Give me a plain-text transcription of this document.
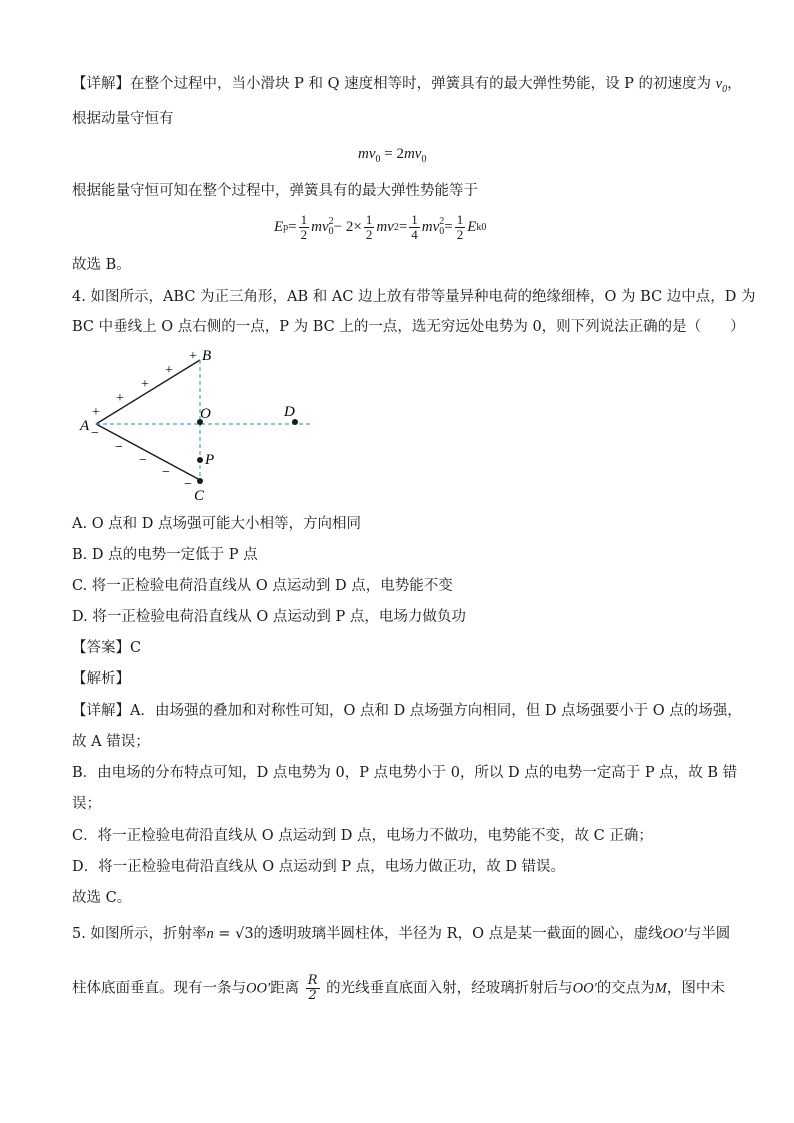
【详解】在整个过程中，当小滑块 P 和 Q 速度相等时，弹簧具有的最大弹性势能，设 P 的初速度为 $v_0$，
根据动量守恒有
$mv_0 = 2mv_0$
根据能量守恒可知在整个过程中，弹簧具有的最大弹性势能等于
E $p = \frac{1}{2}$ mv 2
$0 - 2\times \frac{1}{2}$ mv $2 = \frac{1}{4}$ mv 2
$0 = \frac{1}{2}$ E k0
故选 B。
4. 如图所示，ABC 为正三角形，AB 和 AC 边上放有带等量异种电荷的绝缘细棒，O 为 BC 边中点，D 为
BC 中垂线上 O 点右侧的一点，P 为 BC 上的一点，选无穷远处电势为 0，则下列说法正确的是（　　）
+
+
+
+
+
−
−
−
−
−
A
B
C
O	D
P
A. O 点和 D 点场强可能大小相等，方向相同
B. D 点的电势一定低于 P 点
C. 将一正检验电荷沿直线从 O 点运动到 D 点，电势能不变
D. 将一正检验电荷沿直线从 O 点运动到 P 点，电场力做负功
【答案】C
【解析】
【详解】A．由场强的叠加和对称性可知，O 点和 D 点场强方向相同，但 D 点场强要小于 O 点的场强，
故 A 错误；
B．由电场的分布特点可知，D 点电势为 0，P 点电势小于 0，所以 D 点的电势一定高于 P 点，故 B 错
误；
C．将一正检验电荷沿直线从 O 点运动到 D 点，电场力不做功，电势能不变，故 C 正确；
D．将一正检验电荷沿直线从 O 点运动到 P 点，电场力做正功，故 D 错误。
故选 C。
5. 如图所示，折射率n = √3的透明玻璃半圆柱体，半径为 R，O 点是某一截面的圆心，虚线OO′与半圆
柱体底面垂直。现有一条与OO′距离 $\frac{R}{2}$ 的光线垂直底面入射，经玻璃折射后与OO′的交点为M，图中未
